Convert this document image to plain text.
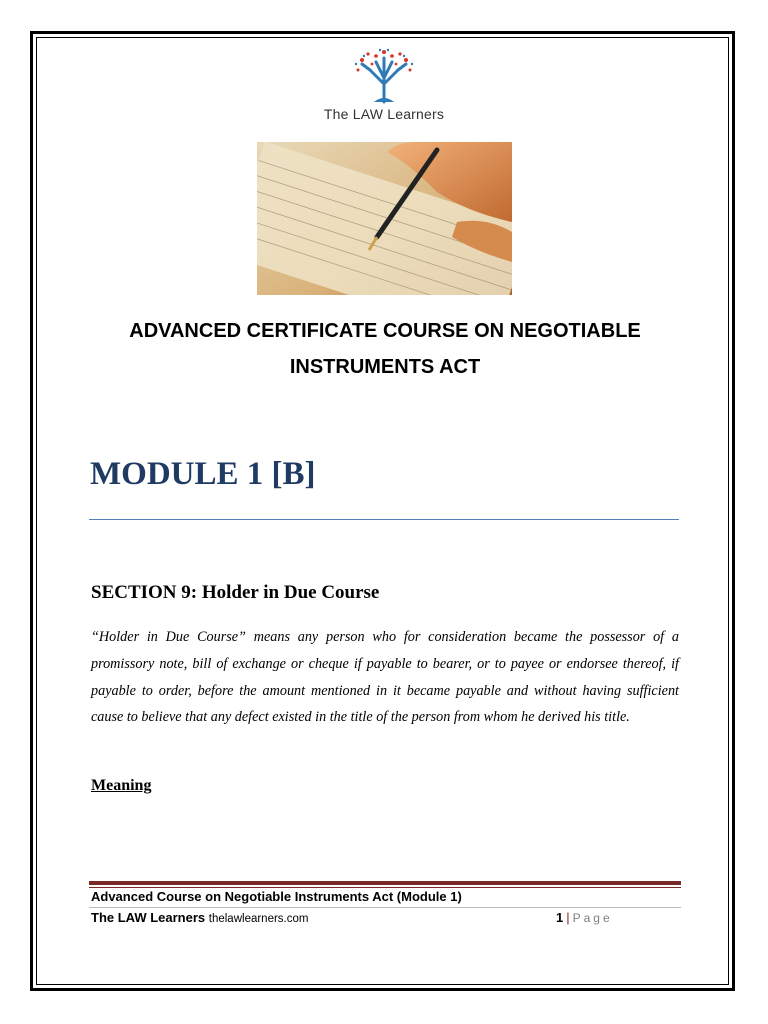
The LAW Learners
ADVANCED CERTIFICATE COURSE ON NEGOTIABLE
INSTRUMENTS ACT
MODULE 1 [B]
SECTION 9: Holder in Due Course
“Holder in Due Course” means any person who for consideration became the possessor of a promissory note, bill of exchange or cheque if payable to bearer, or to payee or endorsee thereof, if payable to order, before the amount mentioned in it became payable and without having sufficient cause to believe that any defect existed in the title of the person from whom he derived his title.
Meaning
Advanced Course on Negotiable Instruments Act (Module 1)
The LAW Learners thelawlearners.com	1 | Page
